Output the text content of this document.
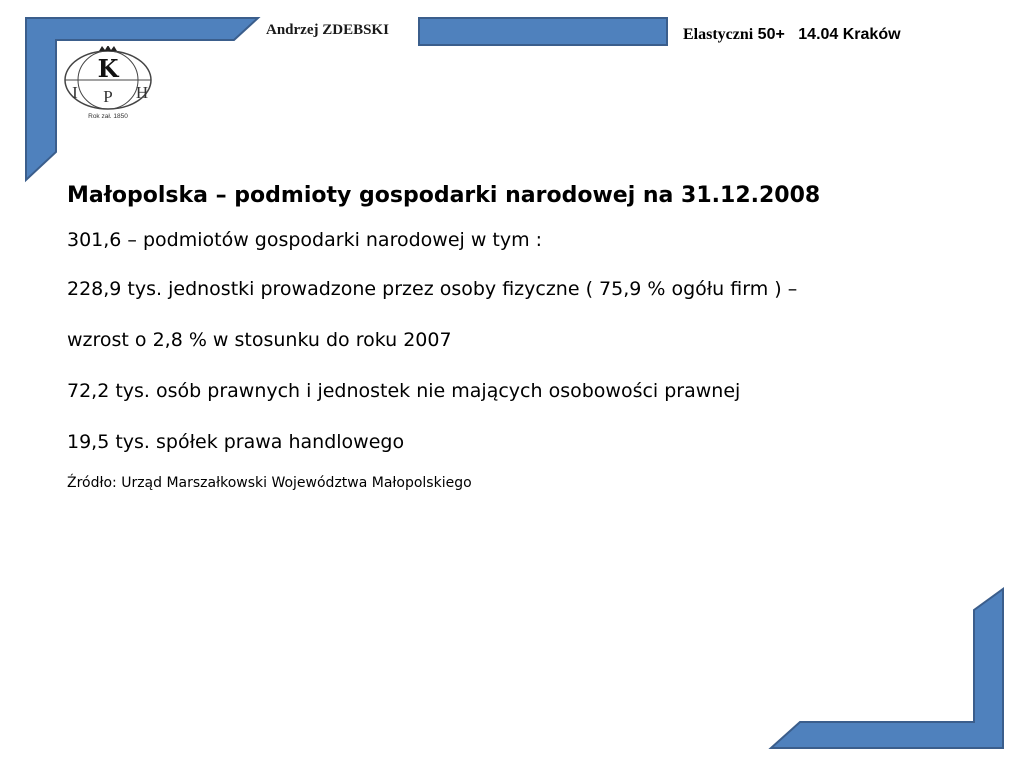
Andrzej ZDEBSKI	Elastyczni 50+ 14.04 Kraków
K
I P H
Rok zał. 1850

Małopolska – podmioty gospodarki narodowej na 31.12.2008

301,6 – podmiotów gospodarki narodowej w tym :

228,9 tys. jednostki prowadzone przez osoby fizyczne ( 75,9 % ogółu firm ) –

wzrost o 2,8 % w stosunku do roku 2007

72,2 tys. osób prawnych i jednostek nie mających osobowości prawnej

19,5 tys. spółek prawa handlowego

Źródło: Urząd Marszałkowski Województwa Małopolskiego
